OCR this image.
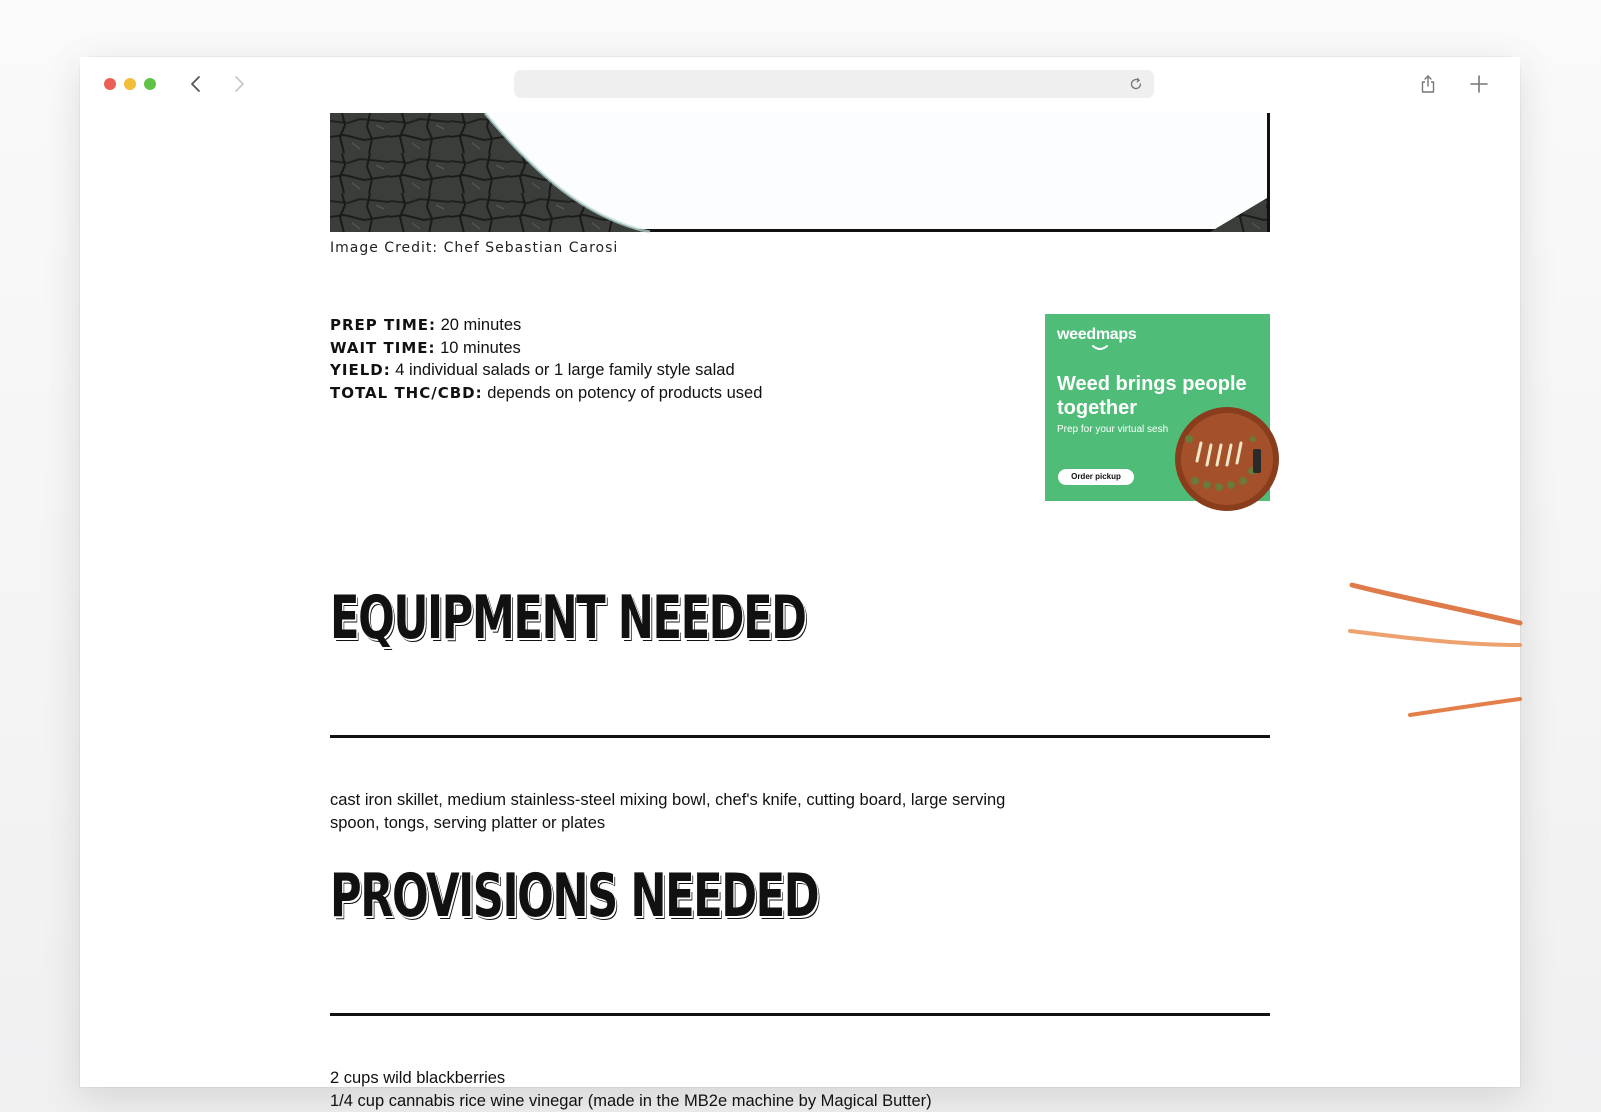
Image Credit: Chef Sebastian Carosi
PREP TIME: 20 minutes
WAIT TIME: 10 minutes
YIELD: 4 individual salads or 1 large family style salad
TOTAL THC/CBD: depends on potency of products used
weedmaps
Weed brings people together
Prep for your virtual sesh
Order pickup
EQUIPMENT NEEDED
cast iron skillet, medium stainless-steel mixing bowl, chef's knife, cutting board, large serving spoon, tongs, serving platter or plates
PROVISIONS NEEDED
2 cups wild blackberries
1/4 cup cannabis rice wine vinegar (made in the MB2e machine by Magical Butter)
